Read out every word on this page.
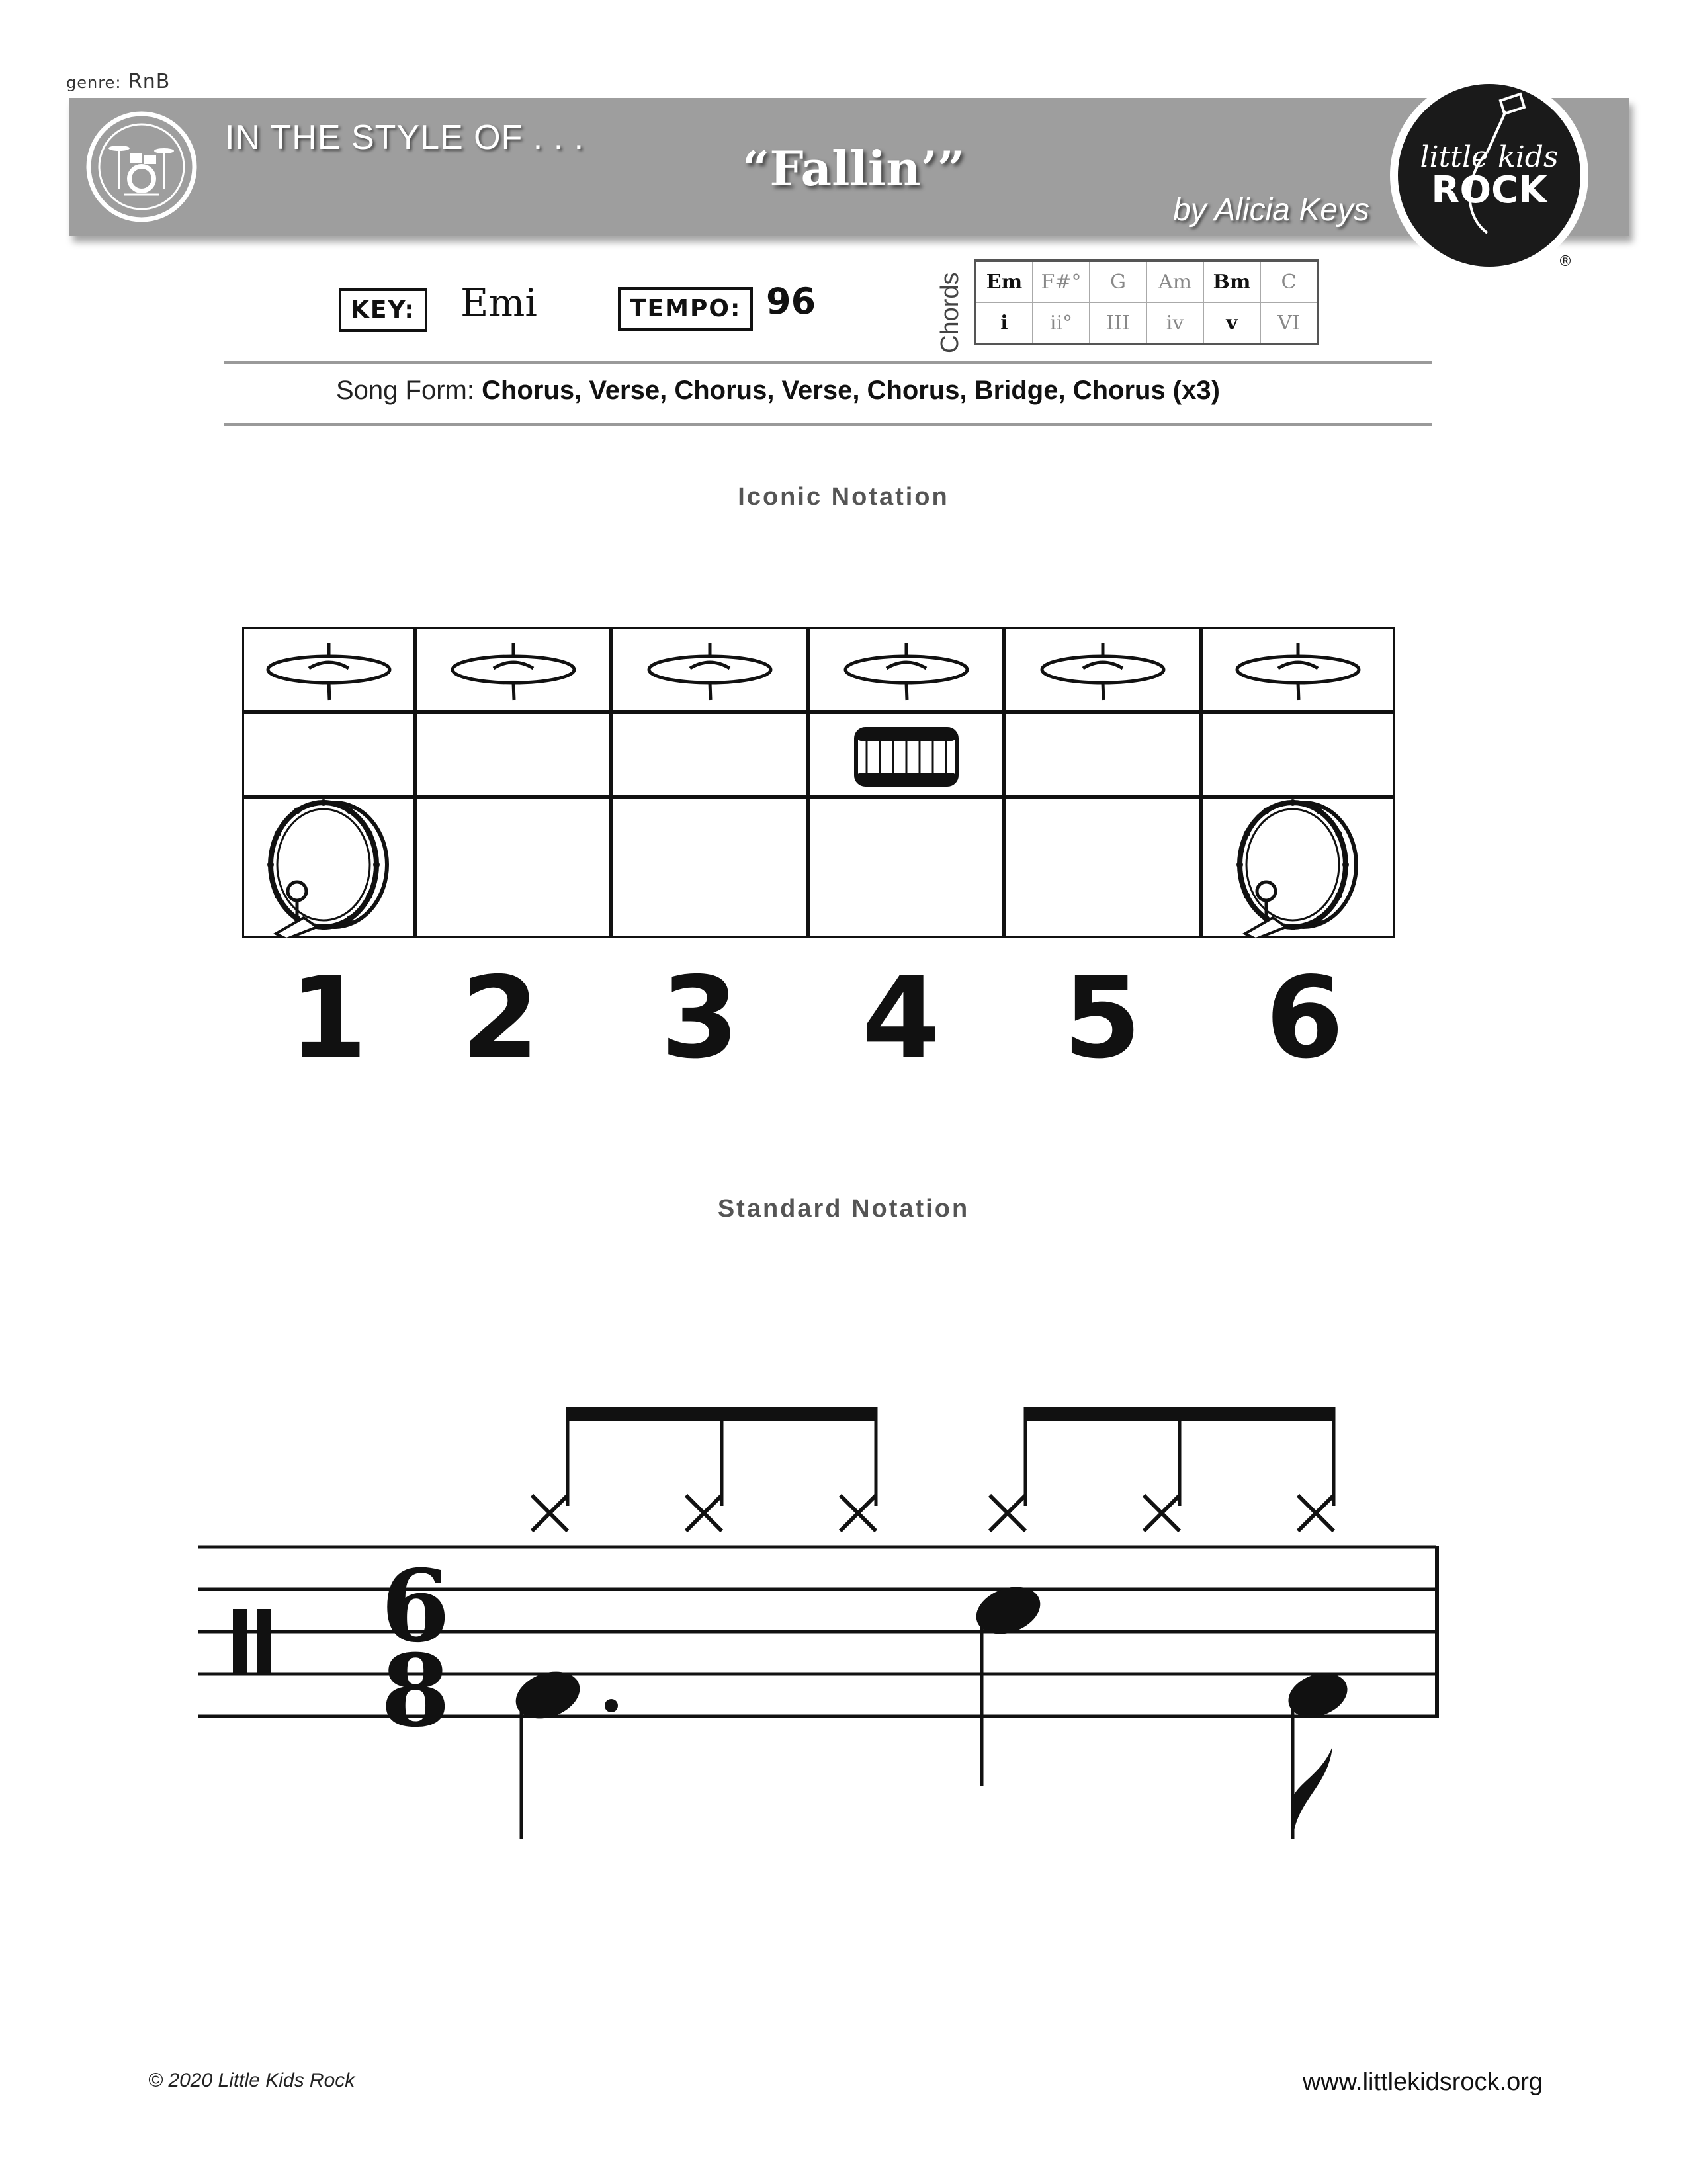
genre: RnB
IN THE STYLE OF . . .
“Fallin’”
by Alicia Keys
little kids
ROCK
®
KEY:	Emi	TEMPO: 96	Chords Em	F#°	G	Am	Bm	C
i	ii°	III	iv	v	VI
Song Form: Chorus, Verse, Chorus, Verse, Chorus, Bridge, Chorus (x3)
Iconic Notation
1 2 3 4 5 6
Standard Notation
6
8
© 2020 Little Kids Rock	www.littlekidsrock.org
